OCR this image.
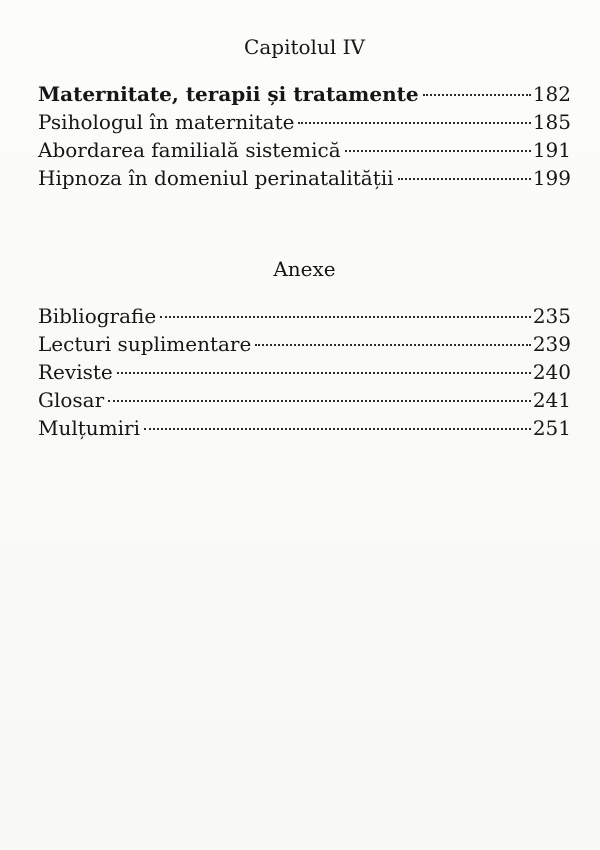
Capitolul IV
Maternitate, terapii și tratamente	182
Psihologul în maternitate	185
Abordarea familială sistemică	191
Hipnoza în domeniul perinatalității	199
Anexe
Bibliografie	235
Lecturi suplimentare	239
Reviste	240
Glosar	241
Mulțumiri	251
